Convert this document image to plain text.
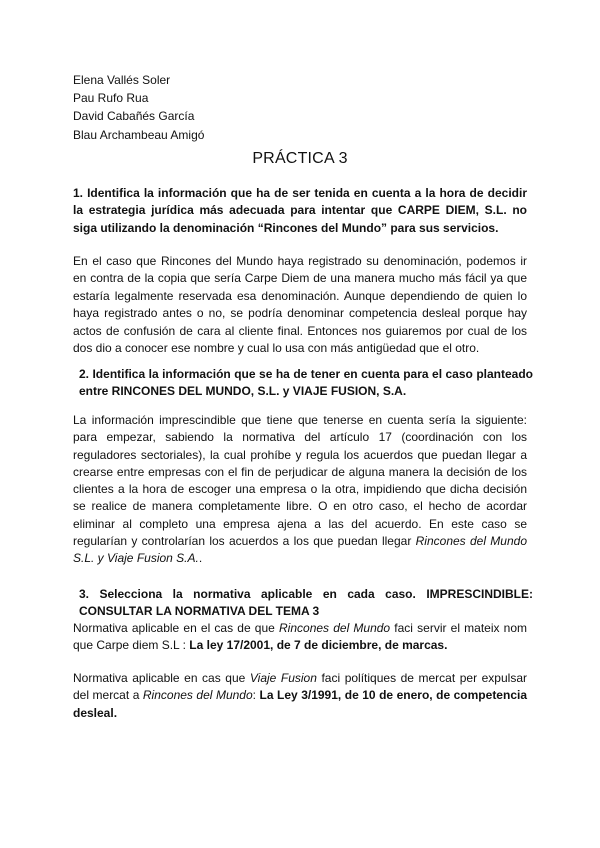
Elena Vallés Soler
Pau Rufo Rua
David Cabañés García
Blau Archambeau Amigó
PRÁCTICA 3
1. Identifica la información que ha de ser tenida en cuenta a la hora de decidir la estrategia jurídica más adecuada para intentar que CARPE DIEM, S.L. no siga utilizando la denominación “Rincones del Mundo” para sus servicios.
En el caso que Rincones del Mundo haya registrado su denominación, podemos ir en contra de la copia que sería Carpe Diem de una manera mucho más fácil ya que estaría legalmente reservada esa denominación. Aunque dependiendo de quien lo haya registrado antes o no, se podría denominar competencia desleal porque hay actos de confusión de cara al cliente final. Entonces nos guiaremos por cual de los dos dio a conocer ese nombre y cual lo usa con más antigüedad que el otro.
2. Identifica la información que se ha de tener en cuenta para el caso planteado entre RINCONES DEL MUNDO, S.L. y VIAJE FUSION, S.A.
La información imprescindible que tiene que tenerse en cuenta sería la siguiente: para empezar, sabiendo la normativa del artículo 17 (coordinación con los reguladores sectoriales), la cual prohíbe y regula los acuerdos que puedan llegar a crearse entre empresas con el fin de perjudicar de alguna manera la decisión de los clientes a la hora de escoger una empresa o la otra, impidiendo que dicha decisión se realice de manera completamente libre. O en otro caso, el hecho de acordar eliminar al completo una empresa ajena a las del acuerdo. En este caso se regularían y controlarían los acuerdos a los que puedan llegar Rincones del Mundo S.L. y Viaje Fusion S.A..
3. Selecciona la normativa aplicable en cada caso. IMPRESCINDIBLE: CONSULTAR LA NORMATIVA DEL TEMA 3
Normativa aplicable en el cas de que Rincones del Mundo faci servir el mateix nom que Carpe diem S.L : La ley 17/2001, de 7 de diciembre, de marcas.
Normativa aplicable en cas que Viaje Fusion faci polítiques de mercat per expulsar del mercat a Rincones del Mundo: La Ley 3/1991, de 10 de enero, de competencia desleal.
